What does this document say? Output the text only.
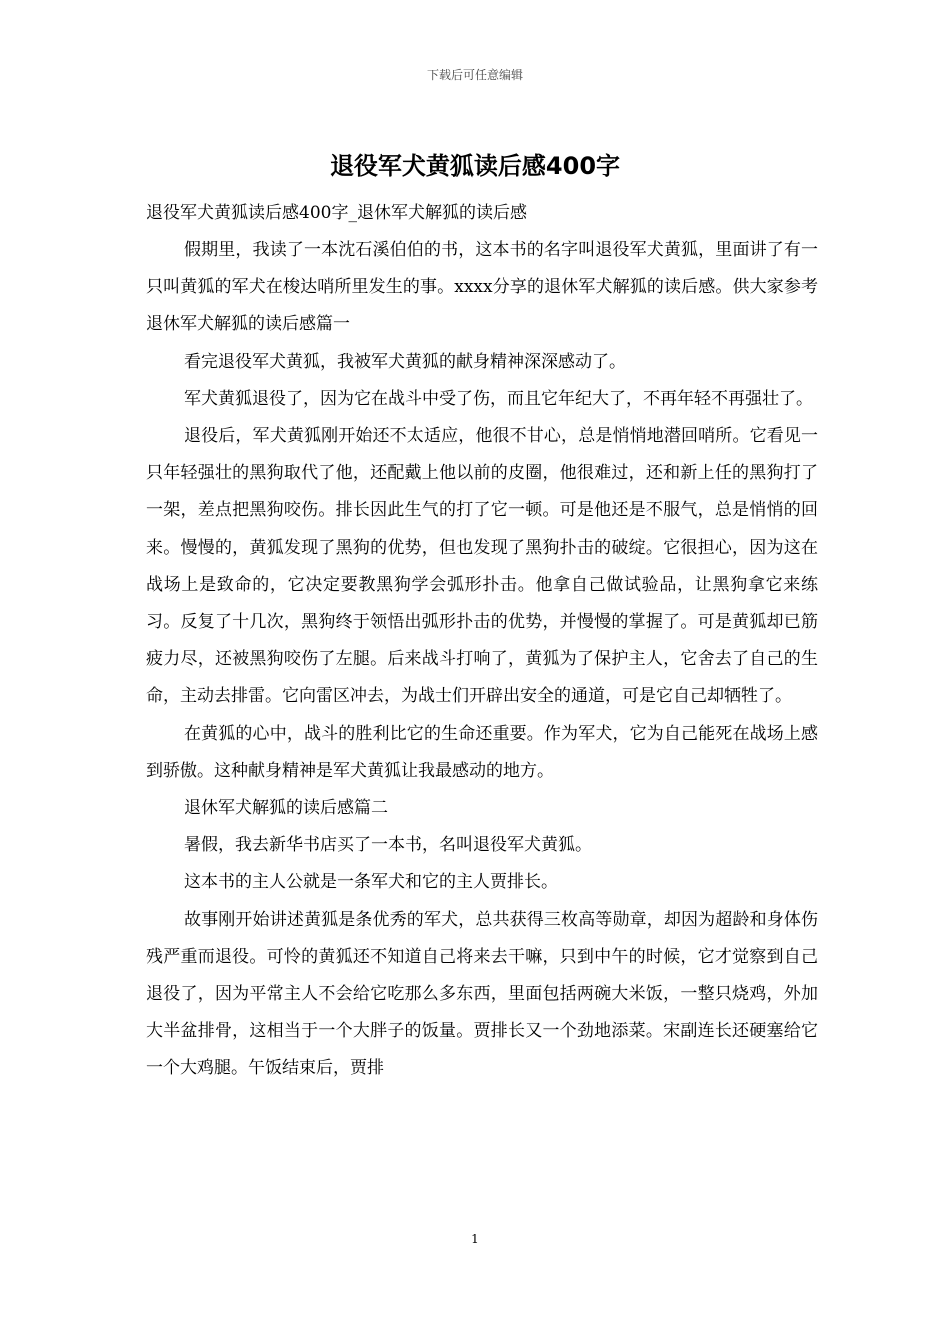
下载后可任意编辑
退役军犬黄狐读后感400字
退役军犬黄狐读后感400字_退休军犬解狐的读后感

假期里，我读了一本沈石溪伯伯的书，这本书的名字叫退役军犬黄狐，里面讲了有一只叫黄狐的军犬在梭达哨所里发生的事。xxxx分享的退休军犬解狐的读后感。供大家参考退休军犬解狐的读后感篇一

看完退役军犬黄狐，我被军犬黄狐的献身精神深深感动了。

军犬黄狐退役了，因为它在战斗中受了伤，而且它年纪大了，不再年轻不再强壮了。

退役后，军犬黄狐刚开始还不太适应，他很不甘心，总是悄悄地潜回哨所。它看见一只年轻强壮的黑狗取代了他，还配戴上他以前的皮圈，他很难过，还和新上任的黑狗打了一架，差点把黑狗咬伤。排长因此生气的打了它一顿。可是他还是不服气，总是悄悄的回来。慢慢的，黄狐发现了黑狗的优势，但也发现了黑狗扑击的破绽。它很担心，因为这在战场上是致命的，它决定要教黑狗学会弧形扑击。他拿自己做试验品，让黑狗拿它来练习。反复了十几次，黑狗终于领悟出弧形扑击的优势，并慢慢的掌握了。可是黄狐却已筋疲力尽，还被黑狗咬伤了左腿。后来战斗打响了，黄狐为了保护主人，它舍去了自己的生命，主动去排雷。它向雷区冲去，为战士们开辟出安全的通道，可是它自己却牺牲了。

在黄狐的心中，战斗的胜利比它的生命还重要。作为军犬，它为自己能死在战场上感到骄傲。这种献身精神是军犬黄狐让我最感动的地方。

退休军犬解狐的读后感篇二

暑假，我去新华书店买了一本书，名叫退役军犬黄狐。

这本书的主人公就是一条军犬和它的主人贾排长。

故事刚开始讲述黄狐是条优秀的军犬，总共获得三枚高等勋章，却因为超龄和身体伤残严重而退役。可怜的黄狐还不知道自己将来去干嘛，只到中午的时候，它才觉察到自己退役了，因为平常主人不会给它吃那么多东西，里面包括两碗大米饭，一整只烧鸡，外加大半盆排骨，这相当于一个大胖子的饭量。贾排长又一个劲地添菜。宋副连长还硬塞给它一个大鸡腿。午饭结束后，贾排

1
